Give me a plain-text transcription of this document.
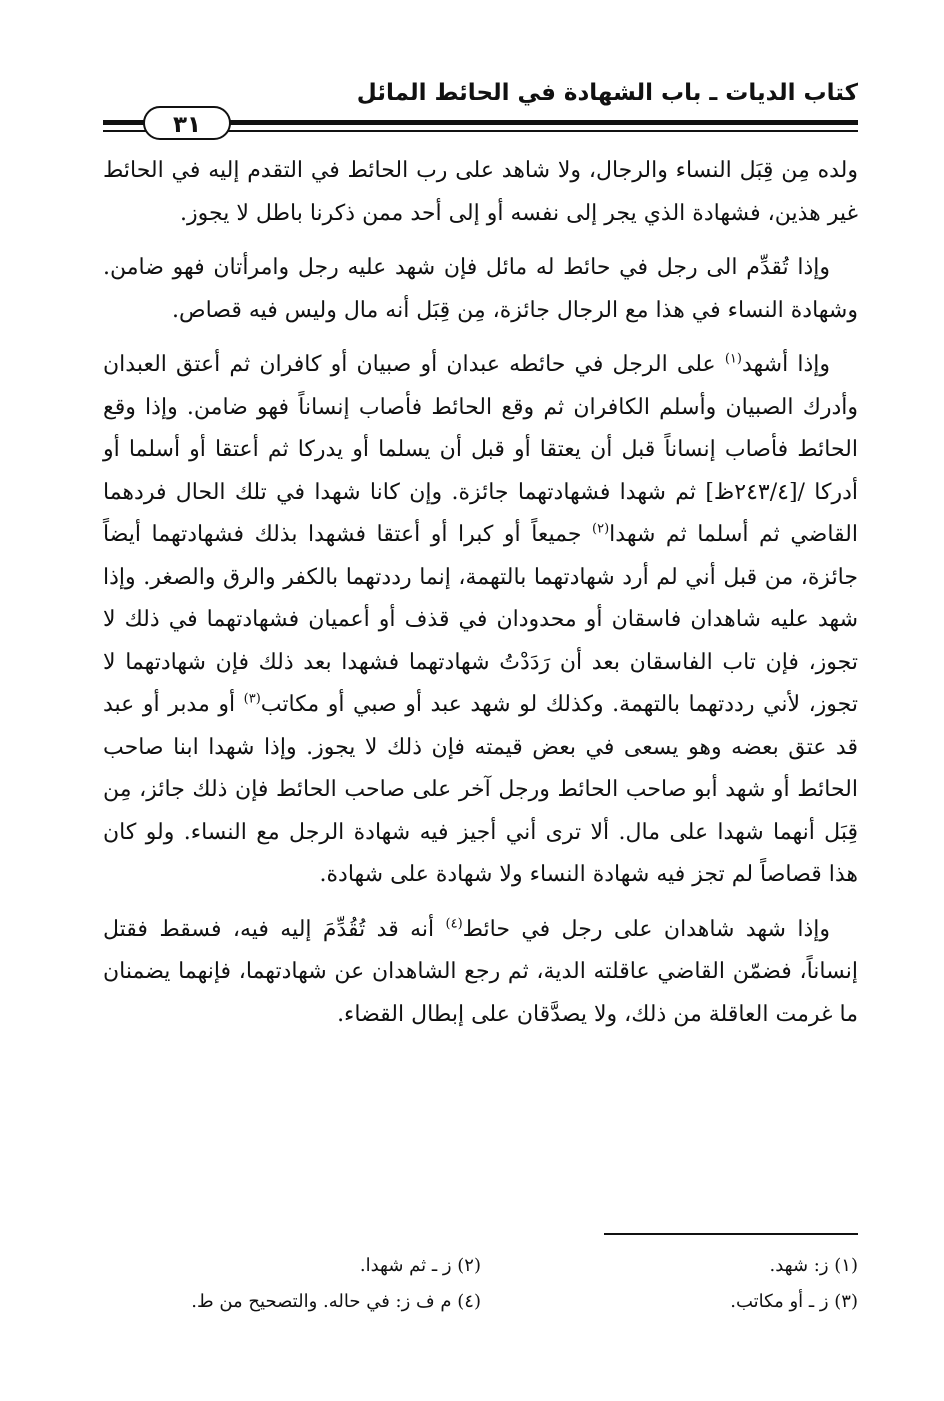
كتاب الديات ـ باب الشهادة في الحائط المائل
٣١

ولده مِن قِبَل النساء والرجال، ولا شاهد على رب الحائط في التقدم إليه في الحائط غير هذين، فشهادة الذي يجر إلى نفسه أو إلى أحد ممن ذكرنا باطل لا يجوز.

وإذا تُقدِّم الى رجل في حائط له مائل فإن شهد عليه رجل وامرأتان فهو ضامن. وشهادة النساء في هذا مع الرجال جائزة، مِن قِبَل أنه مال وليس فيه قصاص.

وإذا أشهد$^{(١)}$ على الرجل في حائطه عبدان أو صبيان أو كافران ثم أعتق العبدان وأدرك الصبيان وأسلم الكافران ثم وقع الحائط فأصاب إنساناً فهو ضامن. وإذا وقع الحائط فأصاب إنساناً قبل أن يعتقا أو قبل أن يسلما أو يدركا ثم أعتقا أو أسلما أو أدركا /[٢٤٣/٤ظ] ثم شهدا فشهادتهما جائزة. وإن كانا شهدا في تلك الحال فردهما القاضي ثم أسلما ثم شهدا$^{(٢)}$ جميعاً أو كبرا أو أعتقا فشهدا بذلك فشهادتهما أيضاً جائزة، من قبل أني لم أرد شهادتهما بالتهمة، إنما رددتهما بالكفر والرق والصغر. وإذا شهد عليه شاهدان فاسقان أو محدودان في قذف أو أعميان فشهادتهما في ذلك لا تجوز، فإن تاب الفاسقان بعد أن رَدَدْتُ شهادتهما فشهدا بعد ذلك فإن شهادتهما لا تجوز، لأني رددتهما بالتهمة. وكذلك لو شهد عبد أو صبي أو مكاتب$^{(٣)}$ أو مدبر أو عبد قد عتق بعضه وهو يسعى في بعض قيمته فإن ذلك لا يجوز. وإذا شهدا ابنا صاحب الحائط أو شهد أبو صاحب الحائط ورجل آخر على صاحب الحائط فإن ذلك جائز، مِن قِبَل أنهما شهدا على مال. ألا ترى أني أجيز فيه شهادة الرجل مع النساء. ولو كان هذا قصاصاً لم تجز فيه شهادة النساء ولا شهادة على شهادة.

وإذا شهد شاهدان على رجل في حائط$^{(٤)}$ أنه قد تُقُدِّمَ إليه فيه، فسقط فقتل إنساناً، فضمّن القاضي عاقلته الدية، ثم رجع الشاهدان عن شهادتهما، فإنهما يضمنان ما غرمت العاقلة من ذلك، ولا يصدَّقان على إبطال القضاء.

(١) ز: شهد.
(٢) ز ـ ثم شهدا.
(٣) ز ـ أو مكاتب.
(٤) م ف ز: في حاله. والتصحيح من ط.
